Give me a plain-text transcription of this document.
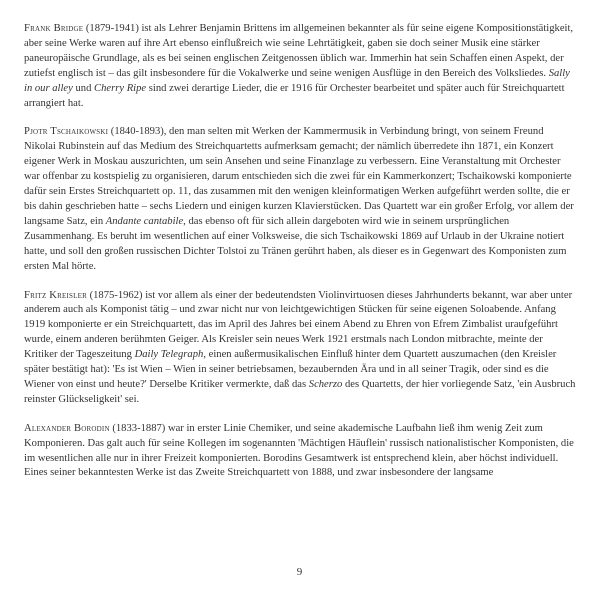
Frank Bridge (1879-1941) ist als Lehrer Benjamin Brittens im allgemeinen bekannter als für seine eigene Kompositionstätigkeit, aber seine Werke waren auf ihre Art ebenso einflußreich wie seine Lehrtätigkeit, gaben sie doch seiner Musik eine stärker paneuropäische Grundlage, als es bei seinen englischen Zeitgenossen üblich war. Immerhin hat sein Schaffen einen Aspekt, der zutiefst englisch ist – das gilt insbesondere für die Vokalwerke und seine wenigen Ausflüge in den Bereich des Volksliedes. Sally in our alley und Cherry Ripe sind zwei derartige Lieder, die er 1916 für Orchester bearbeitet und später auch für Streichquartett arrangiert hat.

Pjotr Tschaikowski (1840-1893), den man selten mit Werken der Kammermusik in Verbindung bringt, von seinem Freund Nikolai Rubinstein auf das Medium des Streichquartetts aufmerksam gemacht; der nämlich überredete ihn 1871, ein Konzert eigener Werk in Moskau auszurichten, um sein Ansehen und seine Finanzlage zu verbessern. Eine Veranstaltung mit Orchester war offenbar zu kostspielig zu organisieren, darum entschieden sich die zwei für ein Kammerkonzert; Tschaikowski komponierte dafür sein Erstes Streichquartett op. 11, das zusammen mit den wenigen kleinformatigen Werken aufgeführt werden sollte, die er bis dahin geschrieben hatte – sechs Liedern und einigen kurzen Klavierstücken. Das Quartett war ein großer Erfolg, vor allem der langsame Satz, ein Andante cantabile, das ebenso oft für sich allein dargeboten wird wie in seinem ursprünglichen Zusammenhang. Es beruht im wesentlichen auf einer Volksweise, die sich Tschaikowski 1869 auf Urlaub in der Ukraine notiert hatte, und soll den großen russischen Dichter Tolstoi zu Tränen gerührt haben, als dieser es in Gegenwart des Komponisten zum ersten Mal hörte.

Fritz Kreisler (1875-1962) ist vor allem als einer der bedeutendsten Violinvirtuosen dieses Jahrhunderts bekannt, war aber unter anderem auch als Komponist tätig – und zwar nicht nur von leichtgewichtigen Stücken für seine eigenen Soloabende. Anfang 1919 komponierte er ein Streichquartett, das im April des Jahres bei einem Abend zu Ehren von Efrem Zimbalist uraufgeführt wurde, einem anderen berühmten Geiger. Als Kreisler sein neues Werk 1921 erstmals nach London mitbrachte, meinte der Kritiker der Tageszeitung Daily Telegraph, einen außermusikalischen Einfluß hinter dem Quartett auszumachen (den Kreisler später bestätigt hat): 'Es ist Wien – Wien in seiner betriebsamen, bezaubernden Ära und in all seiner Tragik, oder sind es die Wiener von einst und heute?' Derselbe Kritiker vermerkte, daß das Scherzo des Quartetts, der hier vorliegende Satz, 'ein Ausbruch reinster Glückseligkeit' sei.

Alexander Borodin (1833-1887) war in erster Linie Chemiker, und seine akademische Laufbahn ließ ihm wenig Zeit zum Komponieren. Das galt auch für seine Kollegen im sogenannten 'Mächtigen Häuflein' russisch nationalistischer Komponisten, die im wesentlichen alle nur in ihrer Freizeit komponierten. Borodins Gesamtwerk ist entsprechend klein, aber höchst individuell. Eines seiner bekanntesten Werke ist das Zweite Streichquartett von 1888, und zwar insbesondere der langsame

9
